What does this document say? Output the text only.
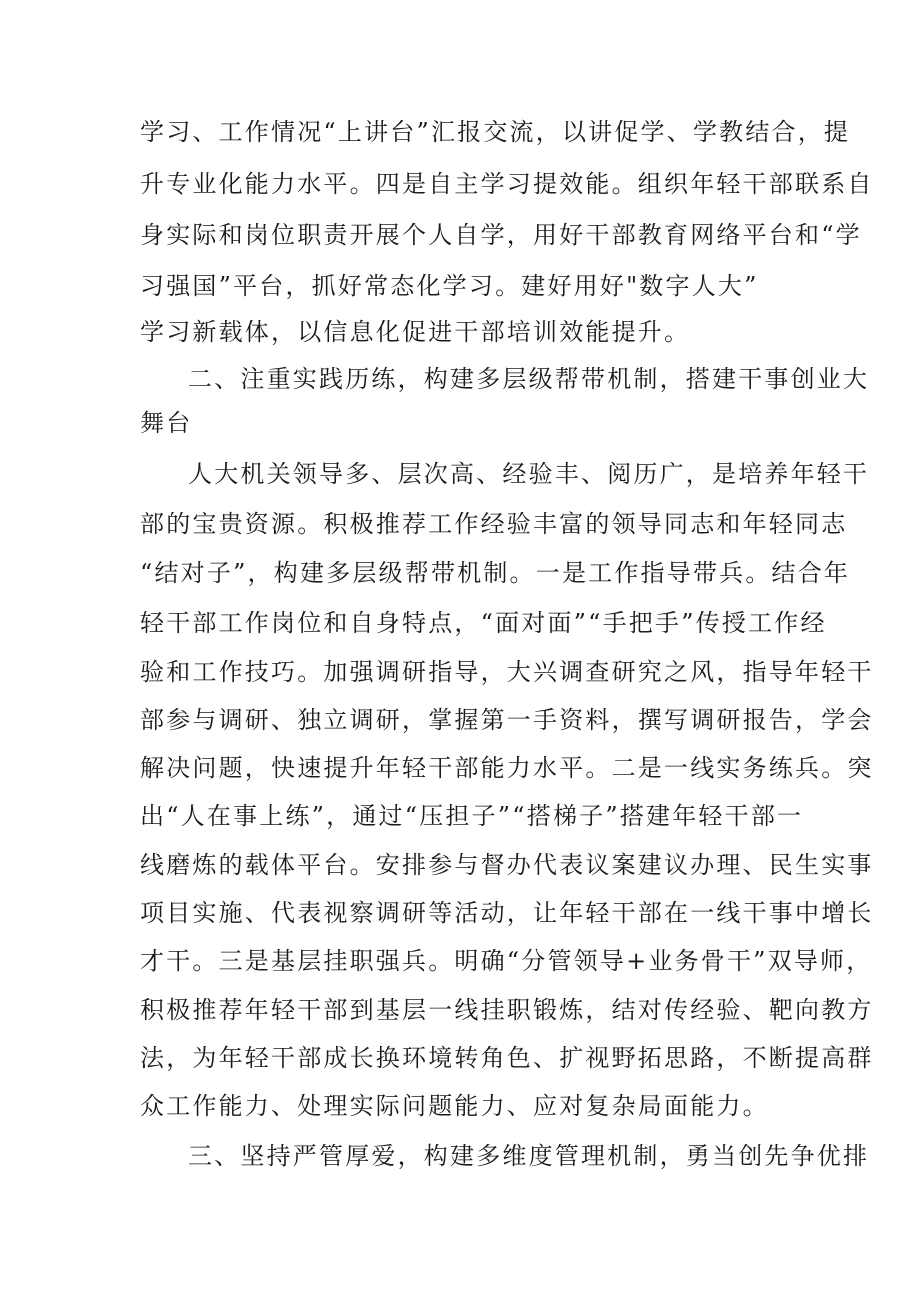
学习、工作情况“上讲台”汇报交流，以讲促学、学教结合，提
升专业化能力水平。四是自主学习提效能。组织年轻干部联系自
身实际和岗位职责开展个人自学，用好干部教育网络平台和“学
习强国”平台，抓好常态化学习。建好用好"数字人大”
学习新载体，以信息化促进干部培训效能提升。
二、注重实践历练，构建多层级帮带机制，搭建干事创业大
舞台
人大机关领导多、层次高、经验丰、阅历广，是培养年轻干
部的宝贵资源。积极推荐工作经验丰富的领导同志和年轻同志
“结对子”，构建多层级帮带机制。一是工作指导带兵。结合年
轻干部工作岗位和自身特点，“面对面”“手把手”传授工作经
验和工作技巧。加强调研指导，大兴调查研究之风，指导年轻干
部参与调研、独立调研，掌握第一手资料，撰写调研报告，学会
解决问题，快速提升年轻干部能力水平。二是一线实务练兵。突
出“人在事上练”，通过“压担子”“搭梯子”搭建年轻干部一
线磨炼的载体平台。安排参与督办代表议案建议办理、民生实事
项目实施、代表视察调研等活动，让年轻干部在一线干事中增长
才干。三是基层挂职强兵。明确“分管领导+业务骨干”双导师，
积极推荐年轻干部到基层一线挂职锻炼，结对传经验、靶向教方
法，为年轻干部成长换环境转角色、扩视野拓思路，不断提高群
众工作能力、处理实际问题能力、应对复杂局面能力。
三、坚持严管厚爱，构建多维度管理机制，勇当创先争优排
